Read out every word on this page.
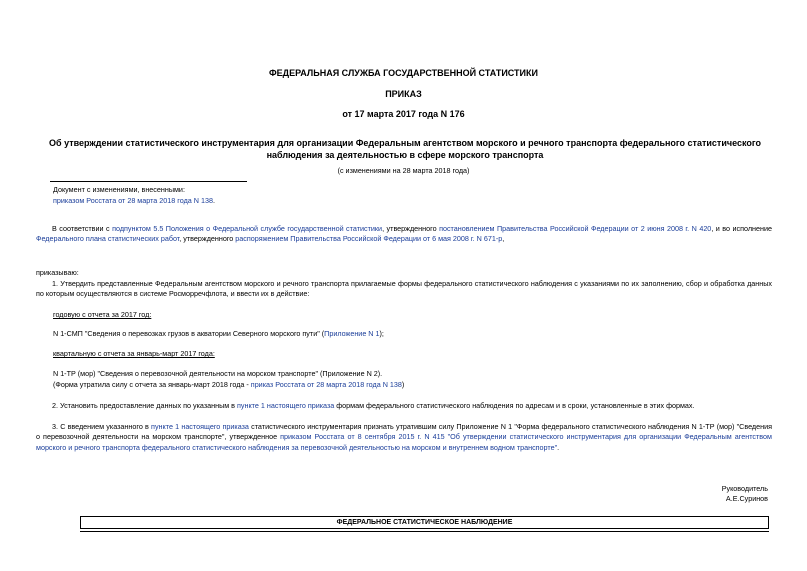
ФЕДЕРАЛЬНАЯ СЛУЖБА ГОСУДАРСТВЕННОЙ СТАТИСТИКИ
ПРИКАЗ
от 17 марта 2017 года N 176
Об утверждении статистического инструментария для организации Федеральным агентством морского и речного транспорта федерального статистического наблюдения за деятельностью в сфере морского транспорта
(с изменениями на 28 марта 2018 года)
Документ с изменениями, внесенными:
приказом Росстата от 28 марта 2018 года N 138.

В соответствии с подпунктом 5.5 Положения о Федеральной службе государственной статистики, утвержденного постановлением Правительства Российской Федерации от 2 июня 2008 г. N 420, и во исполнение Федерального плана статистических работ, утвержденного распоряжением Правительства Российской Федерации от 6 мая 2008 г. N 671-р,

приказываю:

1. Утвердить представленные Федеральным агентством морского и речного транспорта прилагаемые формы федерального статистического наблюдения с указаниями по их заполнению, сбор и обработка данных по которым осуществляются в системе Росморречфлота, и ввести их в действие:

годовую с отчета за 2017 год:

N 1-СМП "Сведения о перевозках грузов в акватории Северного морского пути" (Приложение N 1);

квартальную с отчета за январь-март 2017 года:

N 1-ТР (мор) "Сведения о перевозочной деятельности на морском транспорте" (Приложение N 2).

(Форма утратила силу с отчета за январь-март 2018 года - приказ Росстата от 28 марта 2018 года N 138)

2. Установить предоставление данных по указанным в пункте 1 настоящего приказа формам федерального статистического наблюдения по адресам и в сроки, установленные в этих формах.

3. С введением указанного в пункте 1 настоящего приказа статистического инструментария признать утратившим силу Приложение N 1 "Форма федерального статистического наблюдения N 1-ТР (мор) "Сведения о перевозочной деятельности на морском транспорте", утвержденное приказом Росстата от 8 сентября 2015 г. N 415 "Об утверждении статистического инструментария для организации Федеральным агентством морского и речного транспорта федерального статистического наблюдения за перевозочной деятельностью на морском и внутреннем водном транспорте".

Руководитель

А.Е.Суринов

ФЕДЕРАЛЬНОЕ СТАТИСТИЧЕСКОЕ НАБЛЮДЕНИЕ
